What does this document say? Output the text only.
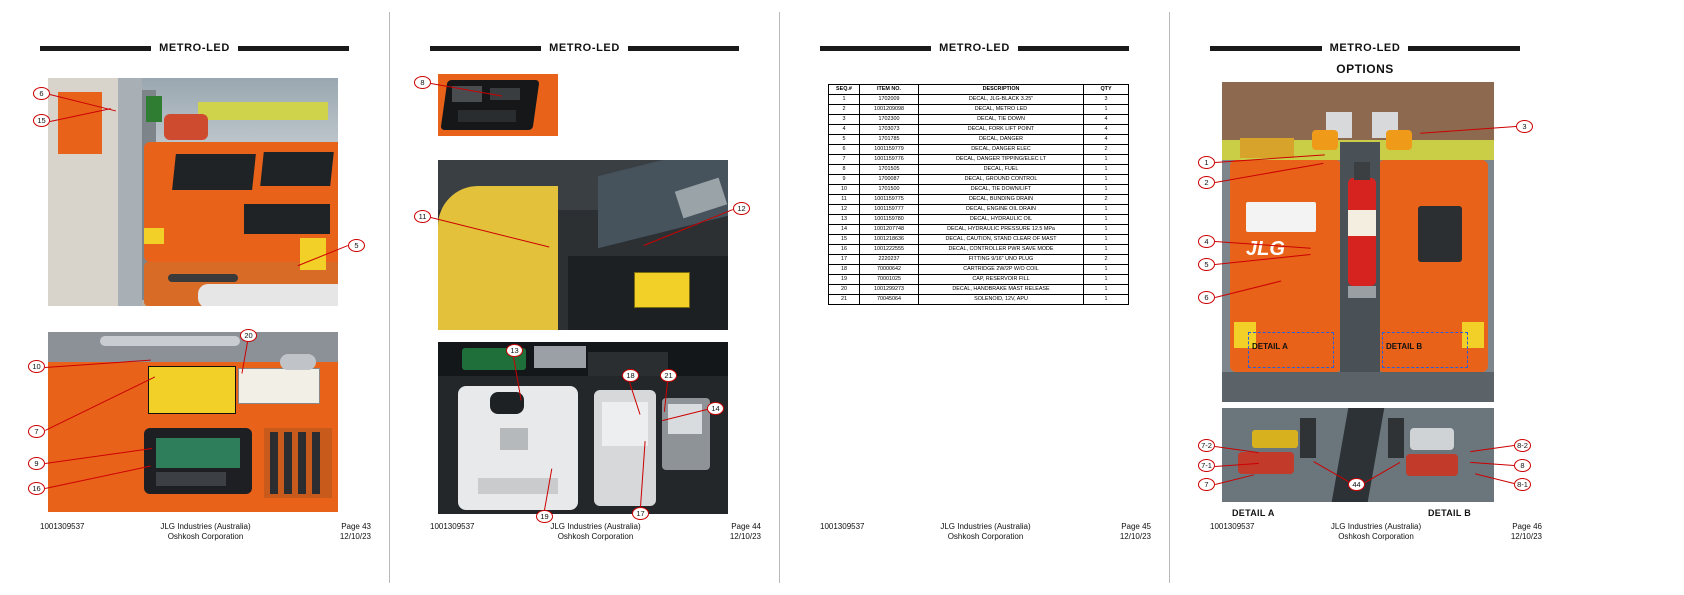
METRO-LED
6
15
5
10
20
7
9
16
1001309537	JLG Industries (Australia)	Page 43
Oshkosh Corporation	12/10/23
METRO-LED
8
11
12
13
18	21
14
19	17
1001309537	JLG Industries (Australia)	Page 44
Oshkosh Corporation	12/10/23
METRO-LED
SEQ.#	ITEM NO.	DESCRIPTION	QTY
1	1702009	DECAL, JLG-BLACK 3.25"	3
2	1001209098	DECAL, METRO LED	1
3	1702300	DECAL, TIE DOWN	4
4	1703073	DECAL, FORK LIFT POINT	4
5	1701785	DECAL, DANGER	4
6	1001159779	DECAL, DANGER ELEC	2
7	1001159776	DECAL, DANGER TIPPING/ELEC LT	1
8	1701505	DECAL, FUEL	1
9	1700087	DECAL, GROUND CONTROL	1
10	1701500	DECAL, TIE DOWN/LIFT	1
11	1001159775	DECAL, BUNDING DRAIN	2
12	1001159777	DECAL, ENGINE OIL DRAIN	1
13	1001159780	DECAL, HYDRAULIC OIL	1
14	1001207748	DECAL, HYDRAULIC PRESSURE 12.5 MPa	1
15	1001218636	DECAL, CAUTION, STAND CLEAR OF MAST	1
16	1001222555	DECAL, CONTROLLER PWR SAVE MODE	1
17	2220237	FITTING 9/16" UNO PLUG	2
18	70000642	CARTRIDGE 2W/2P W/O COIL	1
19	70001025	CAP, RESERVOIR FILL	1
20	1001299273	DECAL, HANDBRAKE MAST RELEASE	1
21	70045064	SOLENOID, 12V, APU	1
1001309537	JLG Industries (Australia)	Page 45
Oshkosh Corporation	12/10/23
METRO-LED
OPTIONS
DETAIL A	DETAIL B
JLG
1
2
3
4
5
6
7-2
7-1
7
8-2
8
8-1
44
DETAIL A	DETAIL B
1001309537	JLG Industries (Australia)	Page 46
Oshkosh Corporation	12/10/23
